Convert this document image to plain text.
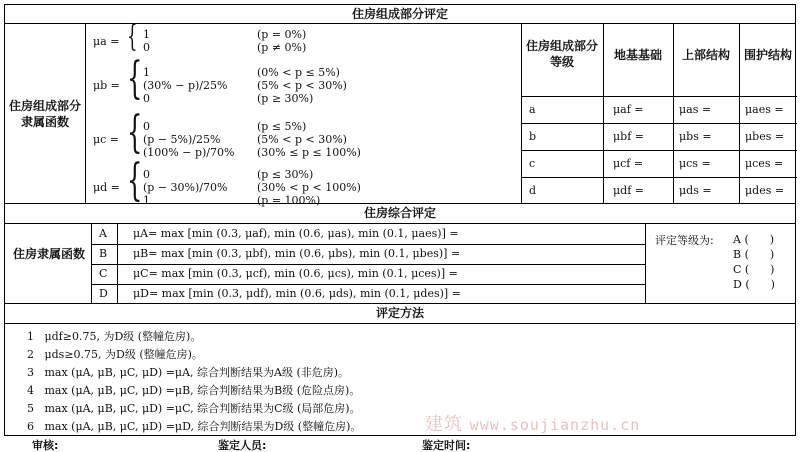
住房组成部分评定
住房组成部分隶属函数
μa = { 1	(p = 0%)
0	(p ≠ 0%)
μb = { 1	(0% < p ≤ 5%)
(30% − p)/25%	(5% < p < 30%)
0	(p ≥ 30%)
μc = { 0	(p ≤ 5%)
(p − 5%)/25%	(5% < p < 30%)
(100% − p)/70% (30% ≤ p ≤ 100%)
μd = { 0	(p ≤ 30%)
(p − 30%)/70%	(30% < p < 100%)
1	(p = 100%)
住房组成部分等级	地基基础	上部结构	围护结构
a	μaf =	μas =	μaes =
b	μbf =	μbs =	μbes =
c	μcf =	μcs =	μces =
d	μdf =	μds =	μdes =
住房综合评定
住房隶属函数
A μA= max [min (0.3, μaf), min (0.6, μas), min (0.1, μaes)] =
B μB= max [min (0.3, μbf), min (0.6, μbs), min (0.1, μbes)] =
C μC= max [min (0.3, μcf), min (0.6, μcs), min (0.1, μces)] =
D μD= max [min (0.3, μdf), min (0.6, μds), min (0.1, μdes)] =
评定等级为: A (      )
B (      )
C (      )
D (      )
评定方法
1   μdf≥0.75, 为D级 (整幢危房)。
2   μds≥0.75, 为D级 (整幢危房)。
3   max (μA, μB, μC, μD) =μA, 综合判断结果为A级 (非危房)。
4   max (μA, μB, μC, μD) =μB, 综合判断结果为B级 (危险点房)。
5   max (μA, μB, μC, μD) =μC, 综合判断结果为C级 (局部危房)。
6   max (μA, μB, μC, μD) =μD, 综合判断结果为D级 (整幢危房)。	建筑 www.soujianzhu.cn
审核:	鉴定人员:	鉴定时间:
